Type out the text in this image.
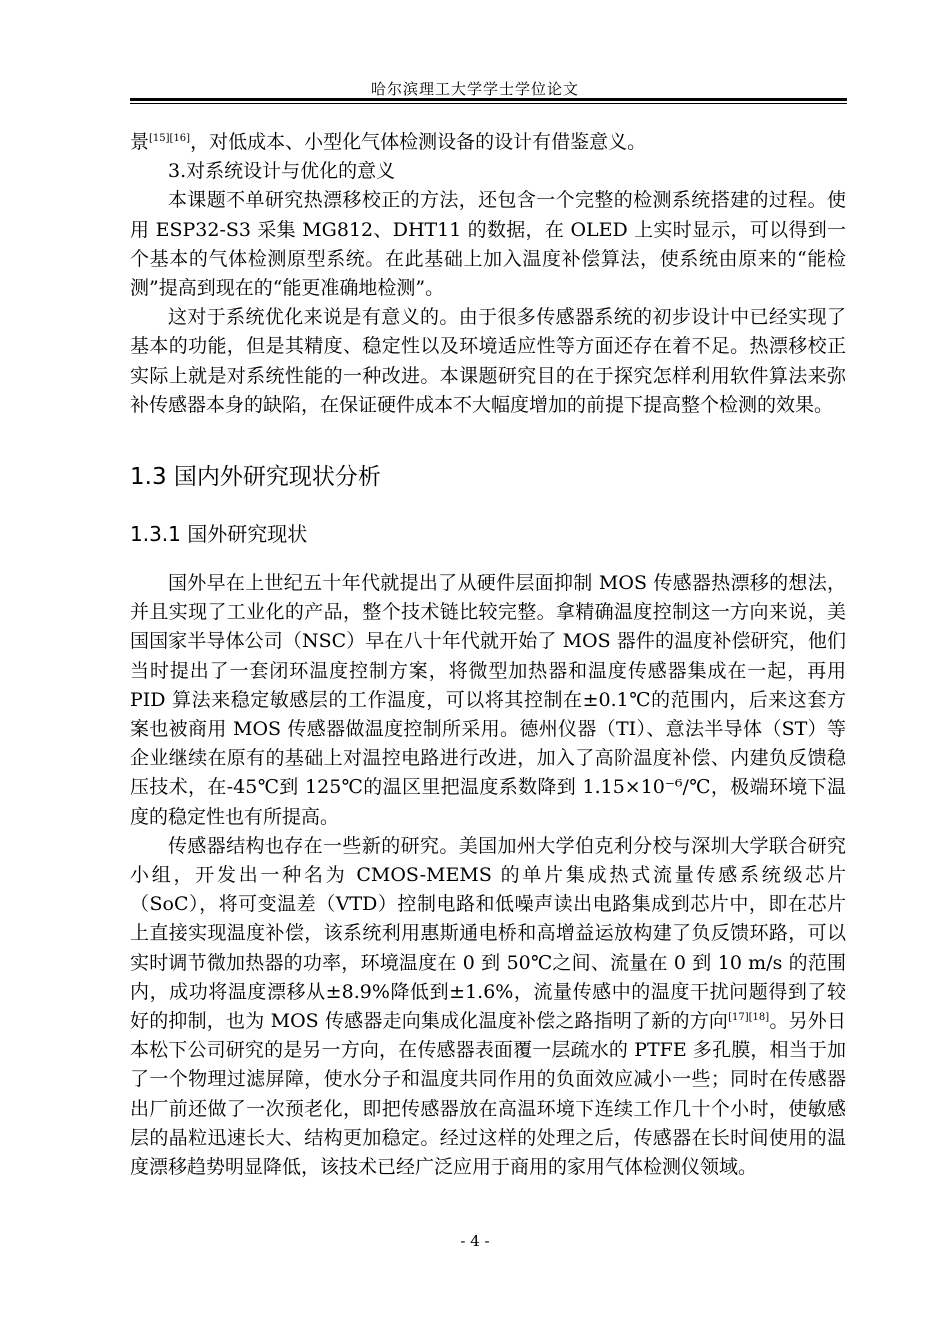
哈尔滨理工大学学士学位论文

景[15][16]，对低成本、小型化气体检测设备的设计有借鉴意义。

3.对系统设计与优化的意义

本课题不单研究热漂移校正的方法，还包含一个完整的检测系统搭建的过程。使用 ESP32-S3 采集 MG812、DHT11 的数据，在 OLED 上实时显示，可以得到一个基本的气体检测原型系统。在此基础上加入温度补偿算法，使系统由原来的“能检测”提高到现在的“能更准确地检测”。

这对于系统优化来说是有意义的。由于很多传感器系统的初步设计中已经实现了基本的功能，但是其精度、稳定性以及环境适应性等方面还存在着不足。热漂移校正实际上就是对系统性能的一种改进。本课题研究目的在于探究怎样利用软件算法来弥补传感器本身的缺陷，在保证硬件成本不大幅度增加的前提下提高整个检测的效果。

1.3 国内外研究现状分析
1.3.1 国外研究现状

国外早在上世纪五十年代就提出了从硬件层面抑制 MOS 传感器热漂移的想法，并且实现了工业化的产品，整个技术链比较完整。拿精确温度控制这一方向来说，美国国家半导体公司（NSC）早在八十年代就开始了 MOS 器件的温度补偿研究，他们当时提出了一套闭环温度控制方案，将微型加热器和温度传感器集成在一起，再用 PID 算法来稳定敏感层的工作温度，可以将其控制在±0.1℃的范围内，后来这套方案也被商用 MOS 传感器做温度控制所采用。德州仪器（TI）、意法半导体（ST）等企业继续在原有的基础上对温控电路进行改进，加入了高阶温度补偿、内建负反馈稳压技术，在-45℃到 125℃的温区里把温度系数降到 1.15×10⁻⁶/℃，极端环境下温度的稳定性也有所提高。

传感器结构也存在一些新的研究。美国加州大学伯克利分校与深圳大学联合研究小组，开发出一种名为 CMOS-MEMS 的单片集成热式流量传感系统级芯片（SoC），将可变温差（VTD）控制电路和低噪声读出电路集成到芯片中，即在芯片上直接实现温度补偿，该系统利用惠斯通电桥和高增益运放构建了负反馈环路，可以实时调节微加热器的功率，环境温度在 0 到 50℃之间、流量在 0 到 10 m/s 的范围内，成功将温度漂移从±8.9%降低到±1.6%，流量传感中的温度干扰问题得到了较好的抑制，也为 MOS 传感器走向集成化温度补偿之路指明了新的方向[17][18]。另外日本松下公司研究的是另一方向，在传感器表面覆一层疏水的 PTFE 多孔膜，相当于加了一个物理过滤屏障，使水分子和温度共同作用的负面效应减小一些；同时在传感器出厂前还做了一次预老化，即把传感器放在高温环境下连续工作几十个小时，使敏感层的晶粒迅速长大、结构更加稳定。经过这样的处理之后，传感器在长时间使用的温度漂移趋势明显降低，该技术已经广泛应用于商用的家用气体检测仪领域。

- 4 -
